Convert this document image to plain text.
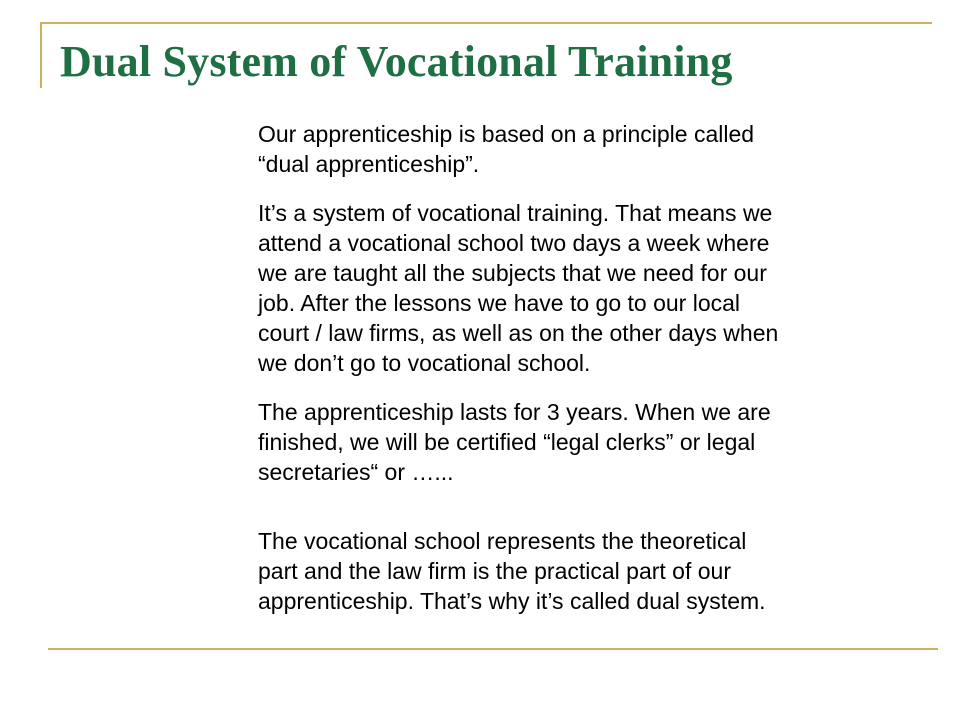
Dual System of Vocational Training
Our apprenticeship is based on a principle called
“dual apprenticeship”.
It’s a system of vocational training. That means we
attend a vocational school two days a week where
we are taught all the subjects that we need for our
job. After the lessons we have to go to our local
court / law firms, as well as on the other days when
we don’t go to vocational school.
The apprenticeship lasts for 3 years. When we are
finished, we will be certified “legal clerks” or legal
secretaries“ or …...
The vocational school represents the theoretical
part and the law firm is the practical part of our
apprenticeship. That’s why it’s called dual system.
